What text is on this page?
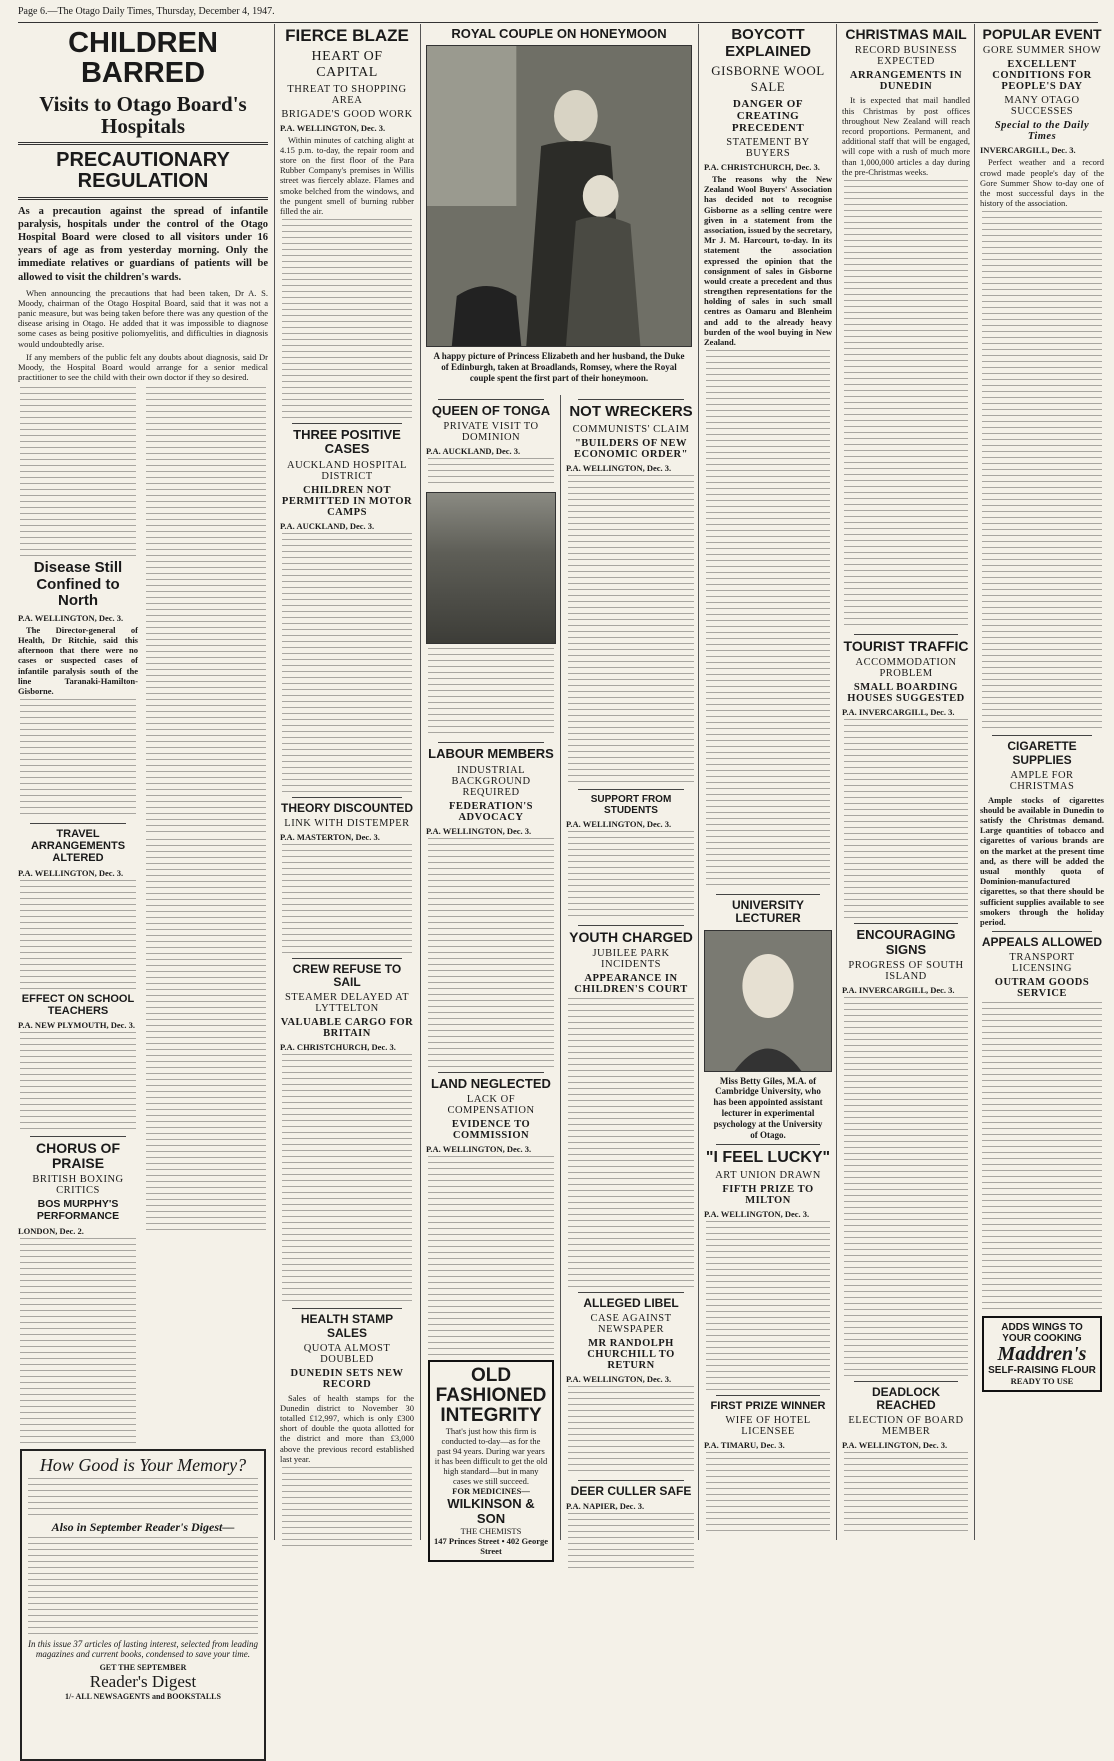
Page 6.—The Otago Daily Times, Thursday, December 4, 1947.
CHILDREN BARRED
Visits to Otago Board's Hospitals
PRECAUTIONARY REGULATION

As a precaution against the spread of infantile paralysis, hospitals under the control of the Otago Hospital Board were closed to all visitors under 16 years of age as from yesterday morning. Only the immediate relatives or guardians of patients will be allowed to visit the children's wards.

When announcing the precautions that had been taken, Dr A. S. Moody, chairman of the Otago Hospital Board, said that it was not a panic measure, but was being taken before there was any question of the disease arising in Otago. He added that it was impossible to diagnose some cases as being positive poliomyelitis, and difficulties in diagnosis would undoubtedly arise.

If any members of the public felt any doubts about diagnosis, said Dr Moody, the Hospital Board would arrange for a senior medical practitioner to see the child with their own doctor if they so desired.

Disease Still Confined to North
P.A. WELLINGTON, Dec. 3.

The Director-general of Health, Dr Ritchie, said this afternoon that there were no cases or suspected cases of infantile paralysis south of the line Taranaki-Hamilton-Gisborne.

TRAVEL ARRANGEMENTS ALTERED
P.A. WELLINGTON, Dec. 3.
EFFECT ON SCHOOL TEACHERS
P.A. NEW PLYMOUTH, Dec. 3.
CHORUS OF PRAISE
BRITISH BOXING CRITICS
BOS MURPHY'S PERFORMANCE
LONDON, Dec. 2.
How Good is Your Memory?
Also in September Reader's Digest—
In this issue 37 articles of lasting interest, selected from leading magazines and current books, condensed to save your time.
GET THE SEPTEMBER
Reader's Digest
1/- ALL NEWSAGENTS and BOOKSTALLS
FIERCE BLAZE
HEART OF CAPITAL
THREAT TO SHOPPING AREA
BRIGADE'S GOOD WORK
P.A. WELLINGTON, Dec. 3.

Within minutes of catching alight at 4.15 p.m. to-day, the repair room and store on the first floor of the Para Rubber Company's premises in Willis street was fiercely ablaze. Flames and smoke belched from the windows, and the pungent smell of burning rubber filled the air.

THREE POSITIVE CASES
AUCKLAND HOSPITAL DISTRICT
CHILDREN NOT PERMITTED IN MOTOR CAMPS
P.A. AUCKLAND, Dec. 3.
THEORY DISCOUNTED
LINK WITH DISTEMPER
P.A. MASTERTON, Dec. 3.
CREW REFUSE TO SAIL
STEAMER DELAYED AT LYTTELTON
VALUABLE CARGO FOR BRITAIN
P.A. CHRISTCHURCH, Dec. 3.
HEALTH STAMP SALES
QUOTA ALMOST DOUBLED
DUNEDIN SETS NEW RECORD

Sales of health stamps for the Dunedin district to November 30 totalled £12,997, which is only £300 short of double the quota allotted for the district and more than £3,000 above the previous record established last year.

ROYAL COUPLE ON HONEYMOON
A happy picture of Princess Elizabeth and her husband, the Duke of Edinburgh, taken at Broadlands, Romsey, where the Royal couple spent the first part of their honeymoon.
QUEEN OF TONGA
PRIVATE VISIT TO DOMINION
P.A. AUCKLAND, Dec. 3.
LABOUR MEMBERS
INDUSTRIAL BACKGROUND REQUIRED
FEDERATION'S ADVOCACY
P.A. WELLINGTON, Dec. 3.
LAND NEGLECTED
LACK OF COMPENSATION
EVIDENCE TO COMMISSION
P.A. WELLINGTON, Dec. 3.
OLD FASHIONED INTEGRITY
That's just how this firm is conducted to-day—as for the past 94 years. During war years it has been difficult to get the old high standard—but in many cases we still succeed.
FOR MEDICINES—
WILKINSON & SON
THE CHEMISTS
147 Princes Street • 402 George Street
NOT WRECKERS
COMMUNISTS' CLAIM
"BUILDERS OF NEW ECONOMIC ORDER"
P.A. WELLINGTON, Dec. 3.
SUPPORT FROM STUDENTS
P.A. WELLINGTON, Dec. 3.
YOUTH CHARGED
JUBILEE PARK INCIDENTS
APPEARANCE IN CHILDREN'S COURT
ALLEGED LIBEL
CASE AGAINST NEWSPAPER
MR RANDOLPH CHURCHILL TO RETURN
P.A. WELLINGTON, Dec. 3.
DEER CULLER SAFE
P.A. NAPIER, Dec. 3.
BOYCOTT EXPLAINED
GISBORNE WOOL SALE
DANGER OF CREATING PRECEDENT
STATEMENT BY BUYERS
P.A. CHRISTCHURCH, Dec. 3.

The reasons why the New Zealand Wool Buyers' Association has decided not to recognise Gisborne as a selling centre were given in a statement from the association, issued by the secretary, Mr J. M. Harcourt, to-day. In its statement the association expressed the opinion that the consignment of sales in Gisborne would create a precedent and thus strengthen representations for the holding of sales in such small centres as Oamaru and Blenheim and add to the already heavy burden of the wool buying in New Zealand.

UNIVERSITY LECTURER
Miss Betty Giles, M.A. of Cambridge University, who has been appointed assistant lecturer in experimental psychology at the University of Otago.
"I FEEL LUCKY"
ART UNION DRAWN
FIFTH PRIZE TO MILTON
P.A. WELLINGTON, Dec. 3.
FIRST PRIZE WINNER
WIFE OF HOTEL LICENSEE
P.A. TIMARU, Dec. 3.
CHRISTMAS MAIL
RECORD BUSINESS EXPECTED
ARRANGEMENTS IN DUNEDIN

It is expected that mail handled this Christmas by post offices throughout New Zealand will reach record proportions. Permanent, and additional staff that will be engaged, will cope with a rush of much more than 1,000,000 articles a day during the pre-Christmas weeks.

TOURIST TRAFFIC
ACCOMMODATION PROBLEM
SMALL BOARDING HOUSES SUGGESTED
P.A. INVERCARGILL, Dec. 3.
ENCOURAGING SIGNS
PROGRESS OF SOUTH ISLAND
P.A. INVERCARGILL, Dec. 3.
DEADLOCK REACHED
ELECTION OF BOARD MEMBER
P.A. WELLINGTON, Dec. 3.
POPULAR EVENT
GORE SUMMER SHOW
EXCELLENT CONDITIONS FOR PEOPLE'S DAY
MANY OTAGO SUCCESSES
Special to the Daily Times
INVERCARGILL, Dec. 3.

Perfect weather and a record crowd made people's day of the Gore Summer Show to-day one of the most successful days in the history of the association.

CIGARETTE SUPPLIES
AMPLE FOR CHRISTMAS

Ample stocks of cigarettes should be available in Dunedin to satisfy the Christmas demand. Large quantities of tobacco and cigarettes of various brands are on the market at the present time and, as there will be added the usual monthly quota of Dominion-manufactured cigarettes, so that there should be sufficient supplies available to see smokers through the holiday period.

APPEALS ALLOWED
TRANSPORT LICENSING
OUTRAM GOODS SERVICE
ADDS WINGS TO YOUR COOKING
Maddren's
SELF-RAISING FLOUR
READY TO USE
